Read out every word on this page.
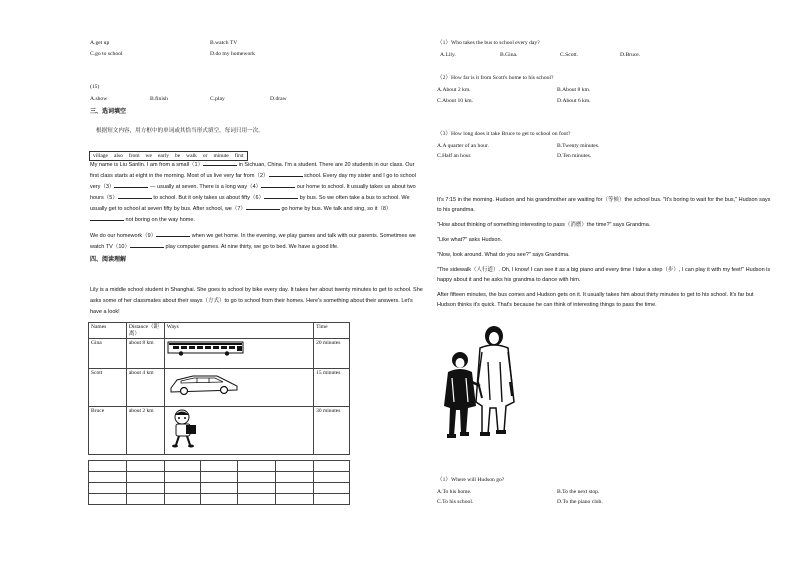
A.get up	B.watch TV
C.go to school	D.do my homework
(15)
A.show	B.finish	C.play	D.draw
三、选词填空
根据短文内容，用方框中的单词或其恰当形式填空，每词只用一次。
village also from we early be walk or minute first

My name is Liu Sanlin. I am from a small（1）	in Sichuan, China. I'm a student. There are 20 students in our class. Our first class starts at eight in the morning. Most of us live very far from（2）	school. Every day my sister and I go to school very（3）	— usually at seven. There is a long way（4）	our home to school. It usually takes us about two hours（5）	to school. But it only takes us about fifty（6）	by bus. So we often take a bus to school. We usually get to school at seven fifty by bus. After school, we（7）	go home by bus. We talk and sing, so it（8） not boring on the way home.

We do our homework（9）	when we get home. In the evening, we play games and talk with our parents. Sometimes we watch TV（10）	play computer games. At nine thirty, we go to bed. We have a good life.

四、阅读理解
Lily is a middle school student in Shanghai. She goes to school by bike every day. It takes her about twenty minutes to get to school. She asks some of her classmates about their ways（方式）to go to school from their homes. Here's something about their answers. Let's have a look!
Names	Distance（距离）	Ways	Time
Gina	about 8 km		20 minutes
Scott	about 4 km		15 minutes
Bruce	about 2 km		30 minutes

（1）Who takes the bus to school every day?
A.Lily.	B.Gina.	C.Scott.	D.Bruce.
（2）How far is it from Scott's home to his school?
A.About 2 km.	B.About 8 km.
C.About 10 km.	D.About 6 km.
（3）How long does it take Bruce to get to school on foot?
A.A quarter of an hour.	B.Twenty minutes.
C.Half an hour.	D.Ten minutes.

It's 7:15 in the morning. Hudson and his grandmother are waiting for（等候）the school bus. "It's boring to wait for the bus," Hudson says to his grandma.

"How about thinking of something interesting to pass（消磨）the time?" says Grandma.

"Like what?" asks Hudson.

"Now, look around. What do you see?" says Grandma.

"The sidewalk（人行道）. Oh, I know! I can see it as a big piano and every time I take a step（步）, I can play it with my feet!" Hudson is happy about it and he asks his grandma to dance with him.

After fifteen minutes, the bus comes and Hudson gets on it. It usually takes him about thirty minutes to get to his school. It's far but Hudson thinks it's quick. That's because he can think of interesting things to pass the time.

（1）Where will Hudson go?
A.To his home.	B.To the next stop.
C.To his school.	D.To the piano club.
